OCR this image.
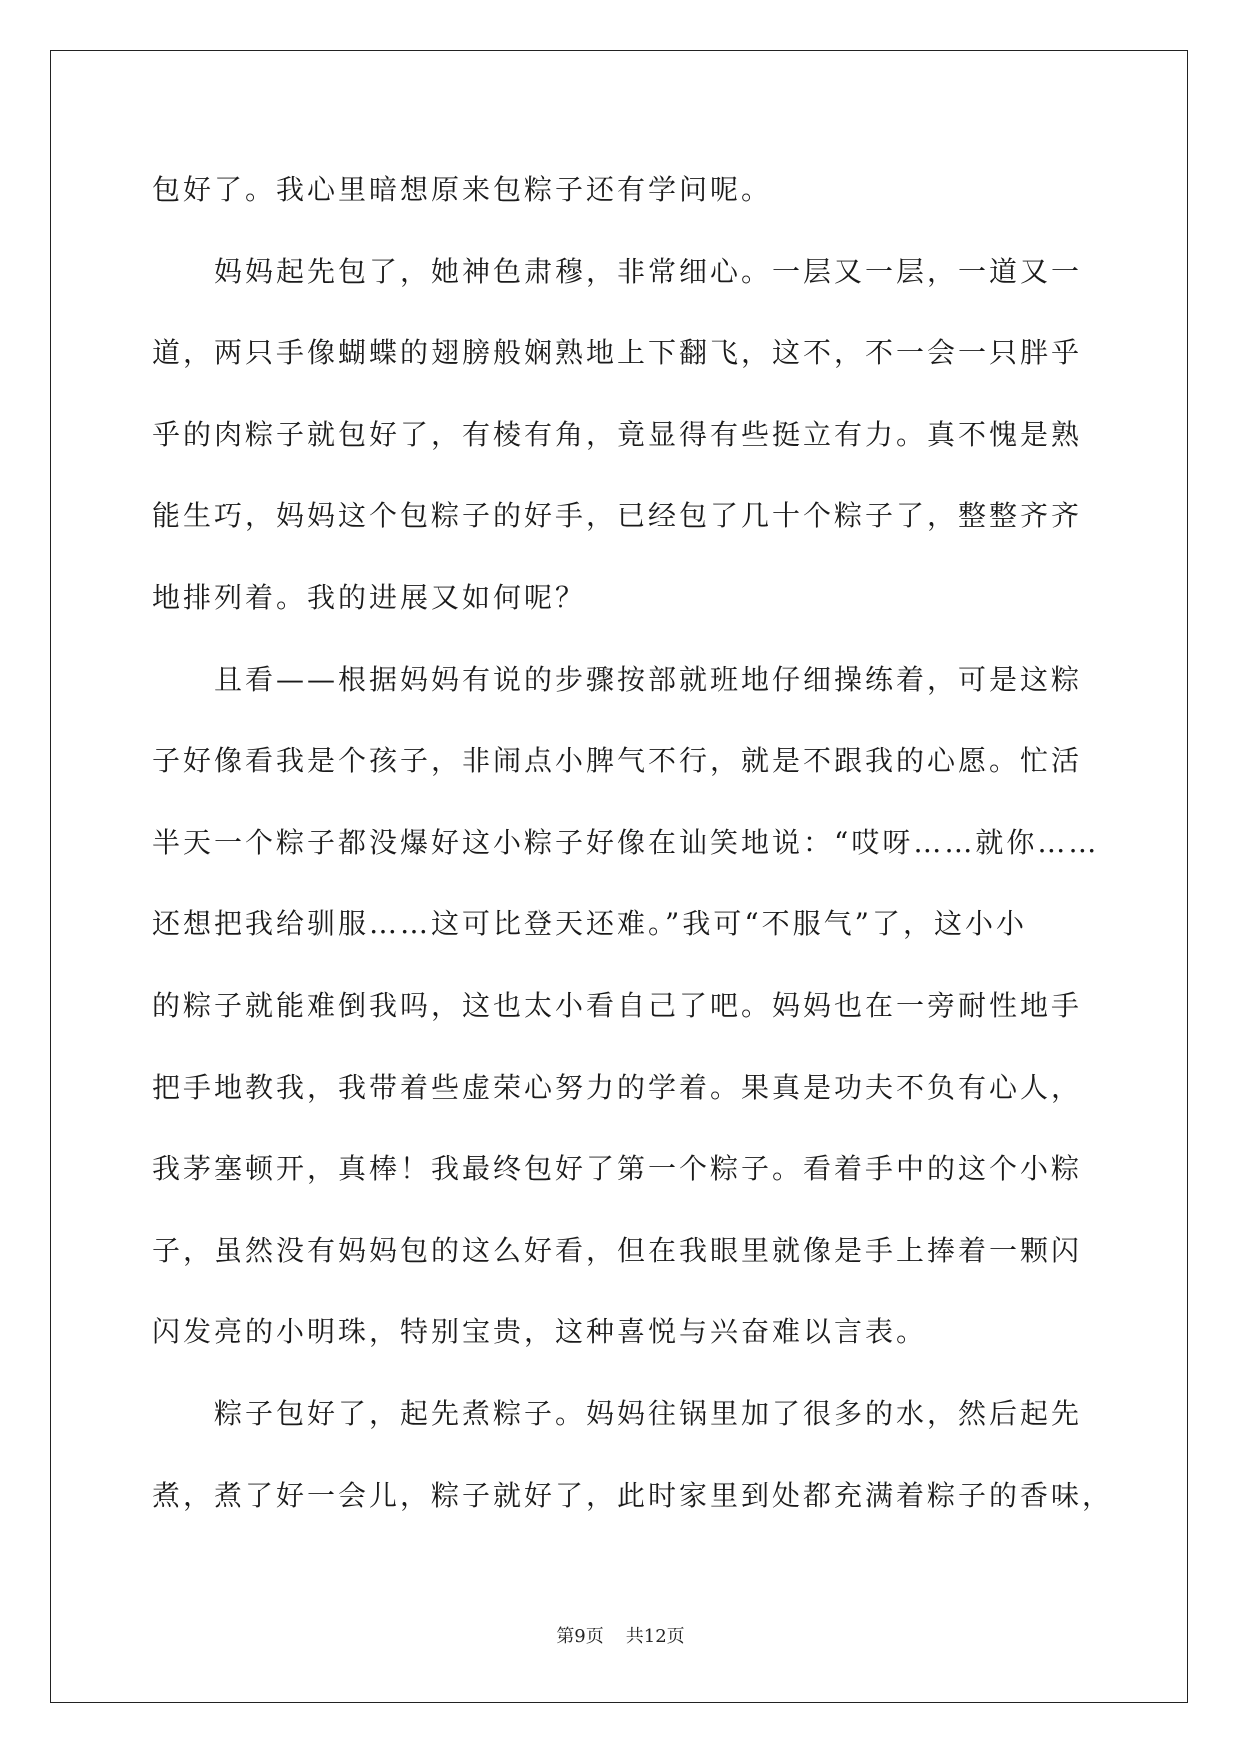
包好了。我心里暗想原来包粽子还有学问呢。
妈妈起先包了，她神色肃穆，非常细心。一层又一层，一道又一
道，两只手像蝴蝶的翅膀般娴熟地上下翻飞，这不，不一会一只胖乎
乎的肉粽子就包好了，有棱有角，竟显得有些挺立有力。真不愧是熟
能生巧，妈妈这个包粽子的好手，已经包了几十个粽子了，整整齐齐
地排列着。我的进展又如何呢？
且看——根据妈妈有说的步骤按部就班地仔细操练着，可是这粽
子好像看我是个孩子，非闹点小脾气不行，就是不跟我的心愿。忙活
半天一个粽子都没爆好这小粽子好像在讪笑地说：“哎呀……就你……
还想把我给驯服……这可比登天还难。”我可“不服气”了，这小小
的粽子就能难倒我吗，这也太小看自己了吧。妈妈也在一旁耐性地手
把手地教我，我带着些虚荣心努力的学着。果真是功夫不负有心人，
我茅塞顿开，真棒！我最终包好了第一个粽子。看着手中的这个小粽
子，虽然没有妈妈包的这么好看，但在我眼里就像是手上捧着一颗闪
闪发亮的小明珠，特别宝贵，这种喜悦与兴奋难以言表。
粽子包好了，起先煮粽子。妈妈往锅里加了很多的水，然后起先
煮，煮了好一会儿，粽子就好了，此时家里到处都充满着粽子的香味，
第9页 共12页
